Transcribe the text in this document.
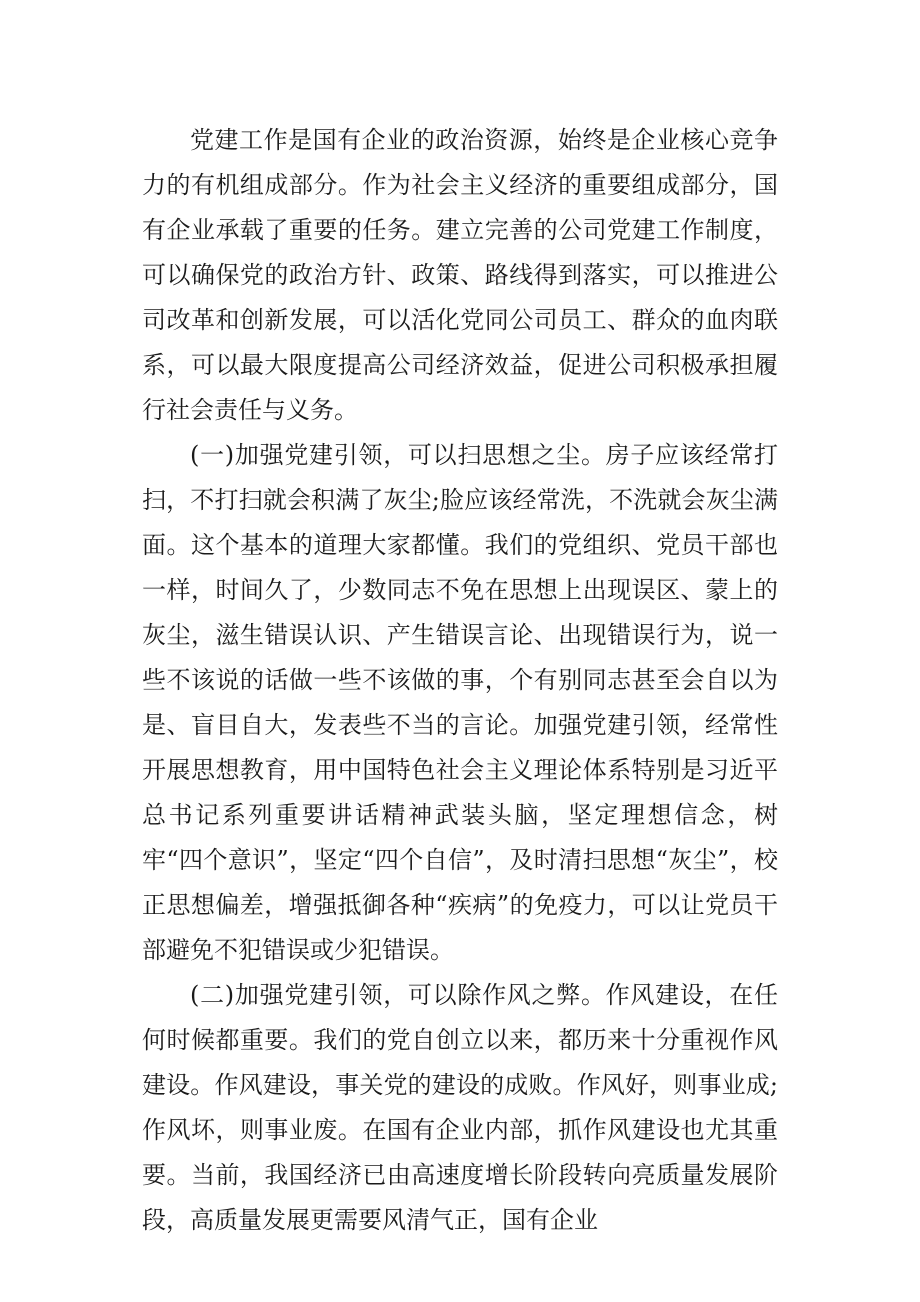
党建工作是国有企业的政治资源，始终是企业核心竞争力的有机组成部分。作为社会主义经济的重要组成部分，国有企业承载了重要的任务。建立完善的公司党建工作制度，可以确保党的政治方针、政策、路线得到落实，可以推进公司改革和创新发展，可以活化党同公司员工、群众的血肉联系，可以最大限度提高公司经济效益，促进公司积极承担履行社会责任与义务。

(一)加强党建引领，可以扫思想之尘。房子应该经常打扫，不打扫就会积满了灰尘;脸应该经常洗，不洗就会灰尘满面。这个基本的道理大家都懂。我们的党组织、党员干部也一样，时间久了，少数同志不免在思想上出现误区、蒙上的灰尘，滋生错误认识、产生错误言论、出现错误行为，说一些不该说的话做一些不该做的事，个有别同志甚至会自以为是、盲目自大，发表些不当的言论。加强党建引领，经常性开展思想教育，用中国特色社会主义理论体系特别是习近平总书记系列重要讲话精神武装头脑，坚定理想信念，树牢“四个意识”，坚定“四个自信”，及时清扫思想“灰尘”，校正思想偏差，增强抵御各种“疾病”的免疫力，可以让党员干部避免不犯错误或少犯错误。

(二)加强党建引领，可以除作风之弊。作风建设，在任何时候都重要。我们的党自创立以来，都历来十分重视作风建设。作风建设，事关党的建设的成败。作风好，则事业成;作风坏，则事业废。在国有企业内部，抓作风建设也尤其重要。当前，我国经济已由高速度增长阶段转向亮质量发展阶段，高质量发展更需要风清气正，国有企业
